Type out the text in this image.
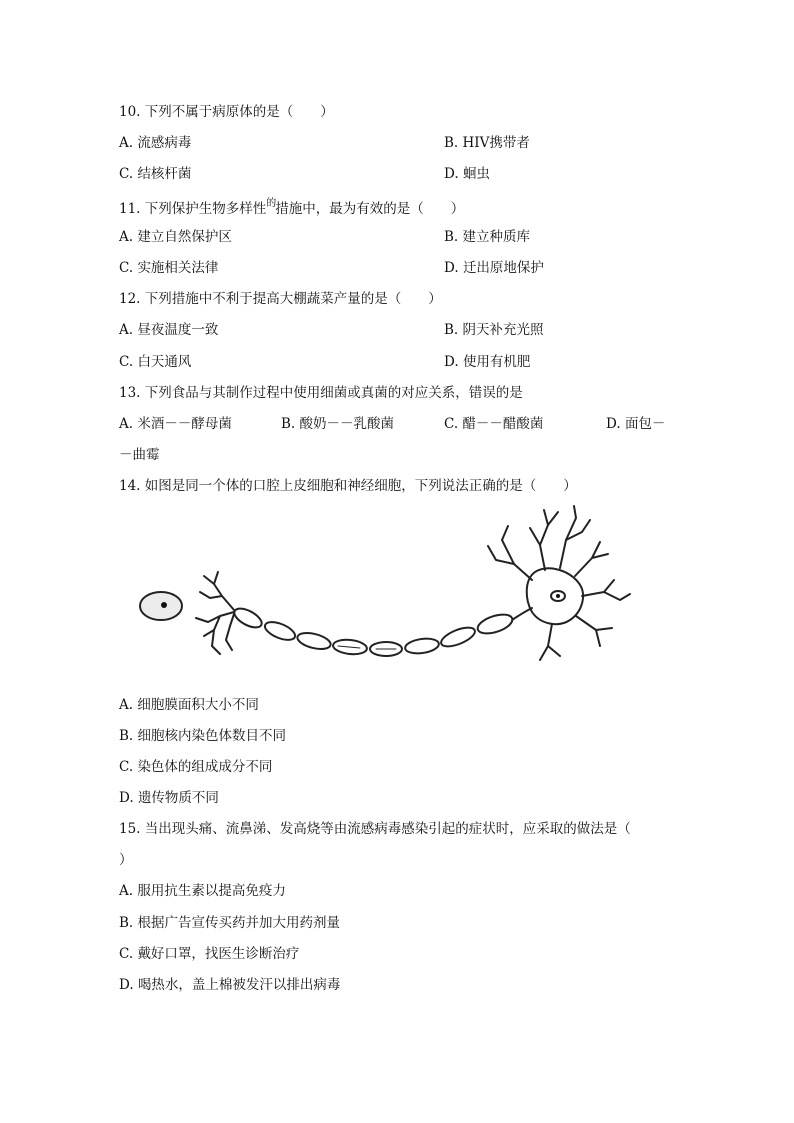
10. 下列不属于病原体的是（　　）
A. 流感病毒	B. HIV携带者
C. 结核杆菌	D. 蛔虫
11. 下列保护生物多样性$^的$措施中，最为有效的是（　　）
A. 建立自然保护区	B. 建立种质库
C. 实施相关法律	D. 迁出原地保护
12. 下列措施中不利于提高大棚蔬菜产量的是（　　）
A. 昼夜温度一致	B. 阴天补充光照
C. 白天通风	D. 使用有机肥
13. 下列食品与其制作过程中使用细菌或真菌的对应关系，错误的是
A. 米酒－－酵母菌	B. 酸奶－－乳酸菌	C. 醋－－醋酸菌	D. 面包－
－曲霉
14. 如图是同一个体的口腔上皮细胞和神经细胞，下列说法正确的是（　　）
A. 细胞膜面积大小不同
B. 细胞核内染色体数目不同
C. 染色体的组成成分不同
D. 遗传物质不同
15. 当出现头痛、流鼻涕、发高烧等由流感病毒感染引起的症状时，应采取的做法是（
）
A. 服用抗生素以提高免疫力
B. 根据广告宣传买药并加大用药剂量
C. 戴好口罩，找医生诊断治疗
D. 喝热水，盖上棉被发汗以排出病毒
